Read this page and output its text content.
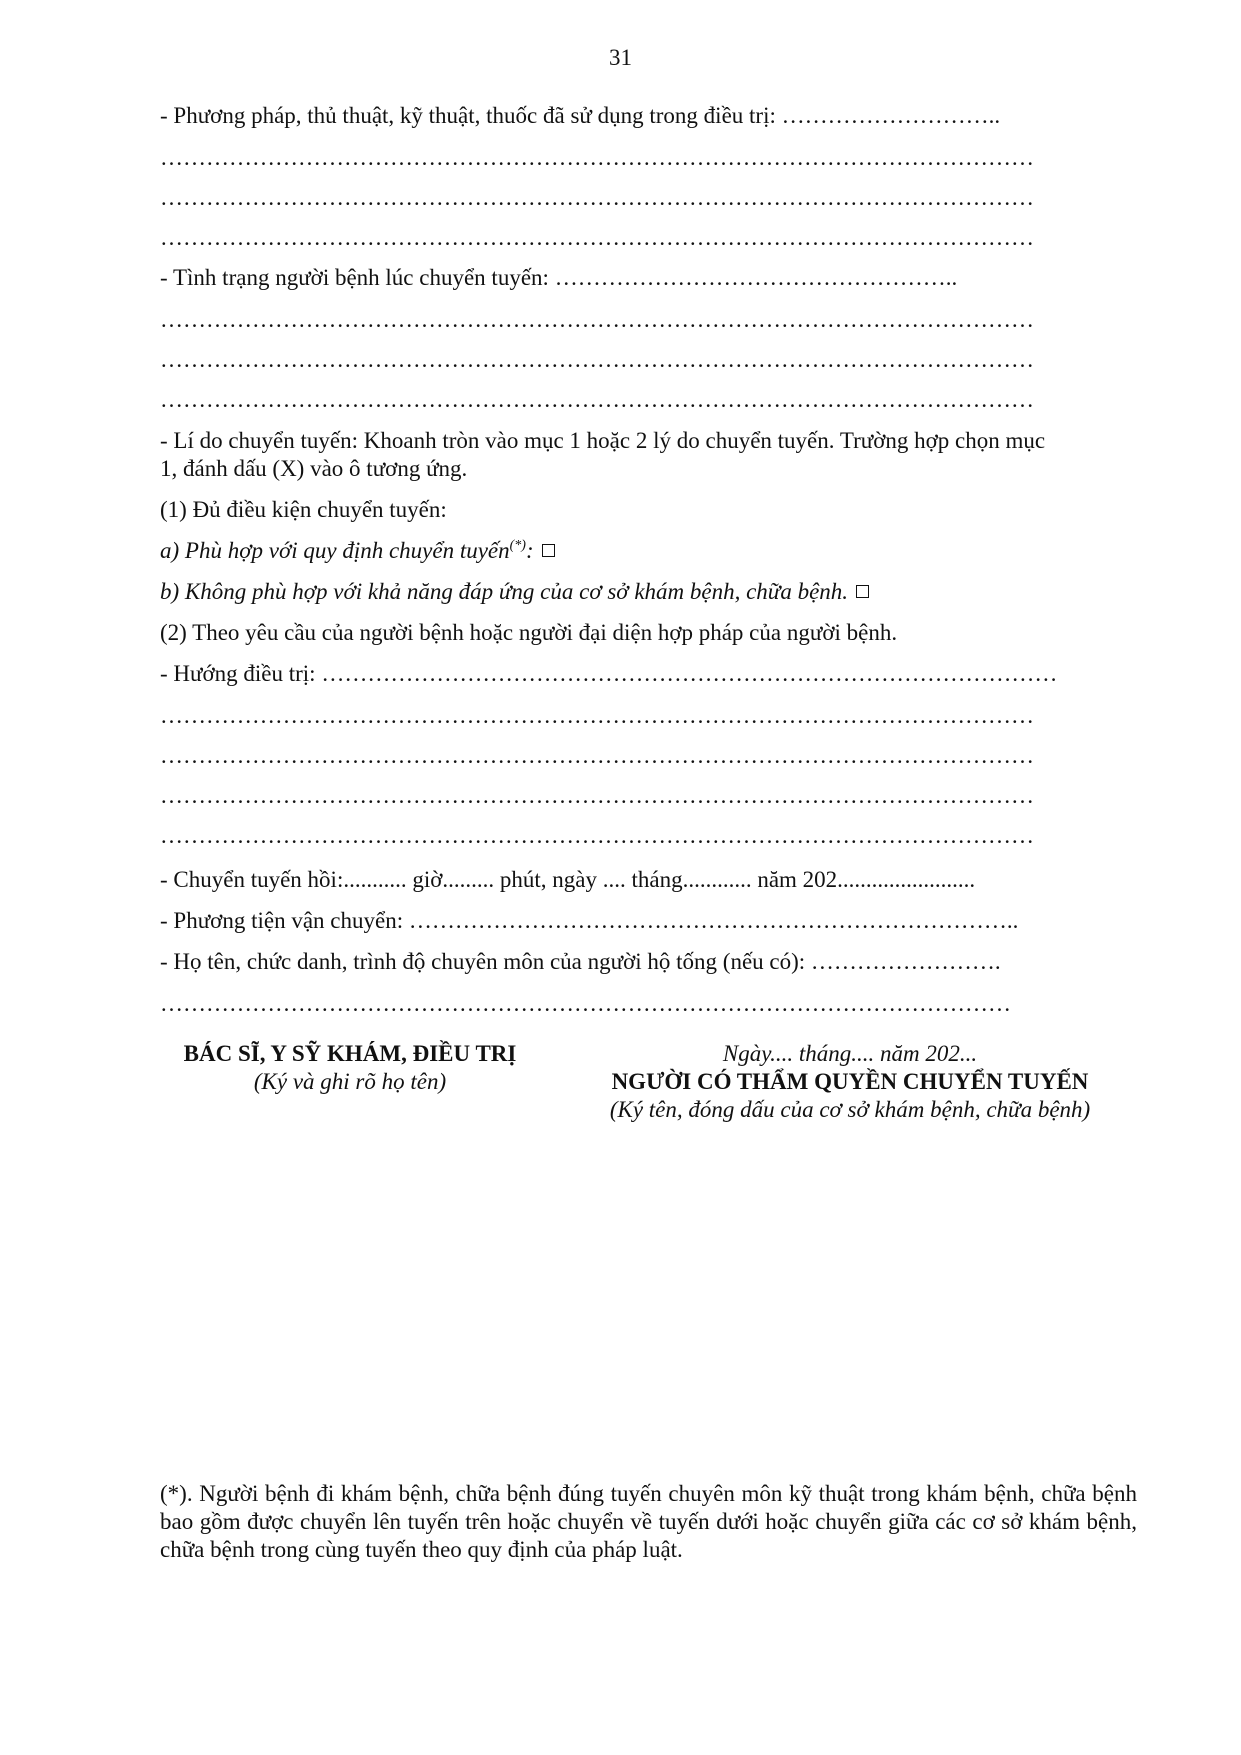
31
- Phương pháp, thủ thuật, kỹ thuật, thuốc đã sử dụng trong điều trị: ………………………..
……………………………………………………………………………………………………
……………………………………………………………………………………………………
……………………………………………………………………………………………………
- Tình trạng người bệnh lúc chuyển tuyến: ……………………………………………..
……………………………………………………………………………………………………
……………………………………………………………………………………………………
……………………………………………………………………………………………………
- Lí do chuyển tuyến: Khoanh tròn vào mục 1 hoặc 2 lý do chuyển tuyến. Trường hợp chọn mục
1, đánh dấu (X) vào ô tương ứng.
(1) Đủ điều kiện chuyển tuyến:
a) Phù hợp với quy định chuyển tuyến(*):
b) Không phù hợp với khả năng đáp ứng của cơ sở khám bệnh, chữa bệnh.
(2) Theo yêu cầu của người bệnh hoặc người đại diện hợp pháp của người bệnh.
- Hướng điều trị: ……………………………………………………………………………………
……………………………………………………………………………………………………
……………………………………………………………………………………………………
……………………………………………………………………………………………………
……………………………………………………………………………………………………
- Chuyển tuyến hồi:........... giờ......... phút, ngày .... tháng............ năm 202........................
- Phương tiện vận chuyển: ……………………………………………………………………..
- Họ tên, chức danh, trình độ chuyên môn của người hộ tống (nếu có): …………………….
…………………………………………………………………………………………………
BÁC SĨ, Y SỸ KHÁM, ĐIỀU TRỊ
(Ký và ghi rõ họ tên)
Ngày.... tháng.... năm 202...
NGƯỜI CÓ THẨM QUYỀN CHUYỂN TUYẾN
(Ký tên, đóng dấu của cơ sở khám bệnh, chữa bệnh)
(*). Người bệnh đi khám bệnh, chữa bệnh đúng tuyến chuyên môn kỹ thuật trong khám bệnh, chữa bệnh bao gồm được chuyển lên tuyến trên hoặc chuyển về tuyến dưới hoặc chuyển giữa các cơ sở khám bệnh, chữa bệnh trong cùng tuyến theo quy định của pháp luật.
